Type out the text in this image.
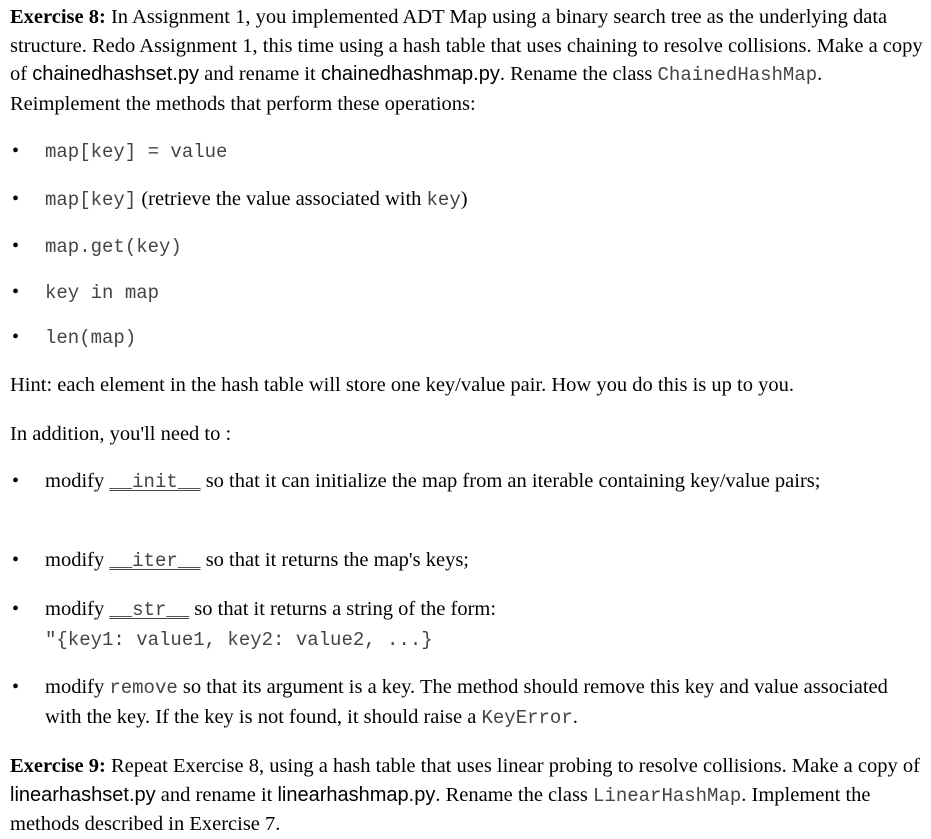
Exercise 8: In Assignment 1, you implemented ADT Map using a binary search tree as the underlying data structure. Redo Assignment 1, this time using a hash table that uses chaining to resolve collisions. Make a copy of chainedhashset.py and rename it chainedhashmap.py. Rename the class ChainedHashMap. Reimplement the methods that perform these operations:

• map[key] = value
• map[key] (retrieve the value associated with key)
• map.get(key)
• key in map
• len(map)

Hint: each element in the hash table will store one key/value pair. How you do this is up to you.

In addition, you'll need to :

• modify __init__ so that it can initialize the map from an iterable containing key/value pairs;
• modify __iter__ so that it returns the map's keys;
• modify __str__ so that it returns a string of the form:
"{key1: value1, key2: value2, ...}
• modify remove so that its argument is a key. The method should remove this key and value associated with the key. If the key is not found, it should raise a KeyError.

Exercise 9: Repeat Exercise 8, using a hash table that uses linear probing to resolve collisions. Make a copy of linearhashset.py and rename it linearhashmap.py. Rename the class LinearHashMap. Implement the methods described in Exercise 7.
